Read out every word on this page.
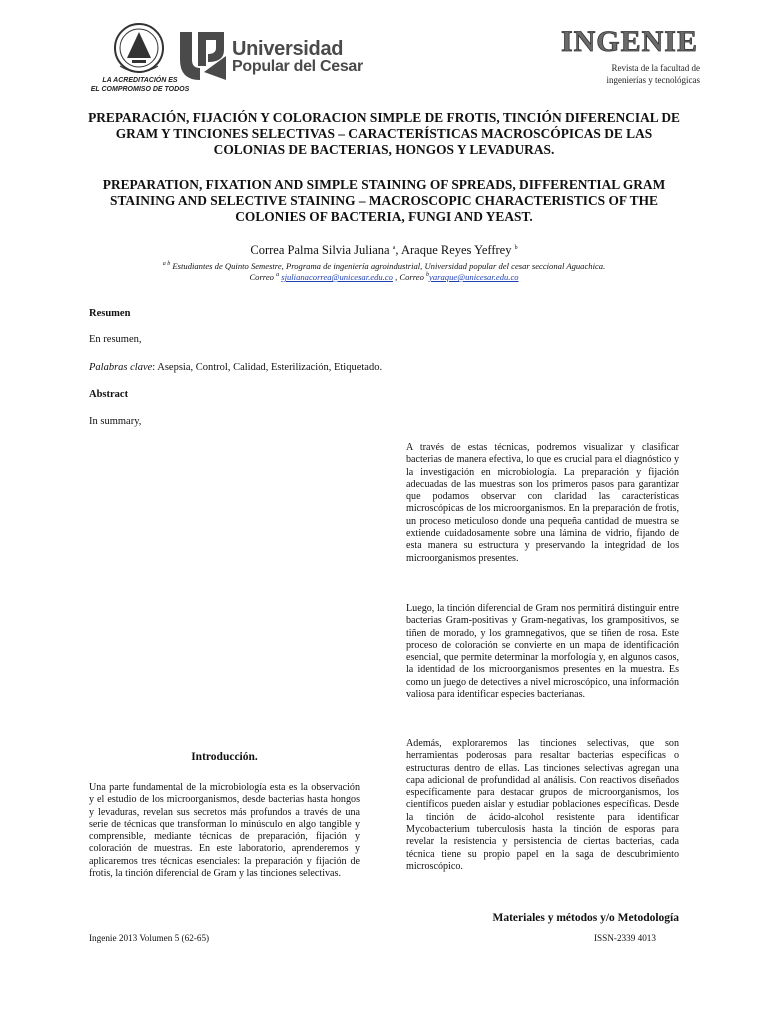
LA ACREDITACIÓN ES
EL COMPROMISO DE TODOS
Universidad
Popular del Cesar
INGENIE
Revista de la facultad de
ingenierías y tecnológicas
PREPARACIÓN, FIJACIÓN Y COLORACION SIMPLE DE FROTIS, TINCIÓN DIFERENCIAL DE GRAM Y TINCIONES SELECTIVAS – CARACTERÍSTICAS MACROSCÓPICAS DE LAS COLONIAS DE BACTERIAS, HONGOS Y LEVADURAS.
PREPARATION, FIXATION AND SIMPLE STAINING OF SPREADS, DIFFERENTIAL GRAM STAINING AND SELECTIVE STAINING – MACROSCOPIC CHARACTERISTICS OF THE COLONIES OF BACTERIA, FUNGI AND YEAST.
Correa Palma Silvia Juliana $^a$, Araque Reyes Yeffrey $^b$
$^{a b}$ Estudiantes de Quinto Semestre, Programa de ingeniería agroindustrial, Universidad popular del cesar seccional Aguachica.
Correo $^a$ sjulianacorrea@unicesar.edu.co , Correo $^b$yaraque@unicesar.edu.co
Resumen
En resumen,
Palabras clave: Asepsia, Control, Calidad, Esterilización, Etiquetado.
Abstract
In summary,
A través de estas técnicas, podremos visualizar y clasificar bacterias de manera efectiva, lo que es crucial para el diagnóstico y la investigación en microbiología. La preparación y fijación adecuadas de las muestras son los primeros pasos para garantizar que podamos observar con claridad las características microscópicas de los microorganismos. En la preparación de frotis, un proceso meticuloso donde una pequeña cantidad de muestra se extiende cuidadosamente sobre una lámina de vidrio, fijando de esta manera su estructura y preservando la integridad de los microorganismos presentes.
Luego, la tinción diferencial de Gram nos permitirá distinguir entre bacterias Gram-positivas y Gram-negativas, los grampositivos, se tiñen de morado, y los gramnegativos, que se tiñen de rosa. Este proceso de coloración se convierte en un mapa de identificación esencial, que permite determinar la morfología y, en algunos casos, la identidad de los microorganismos presentes en la muestra. Es como un juego de detectives a nivel microscópico, una información valiosa para identificar especies bacterianas.
Además, exploraremos las tinciones selectivas, que son herramientas poderosas para resaltar bacterias específicas o estructuras dentro de ellas. Las tinciones selectivas agregan una capa adicional de profundidad al análisis. Con reactivos diseñados específicamente para destacar grupos de microorganismos, los científicos pueden aislar y estudiar poblaciones específicas. Desde la tinción de ácido-alcohol resistente para identificar Mycobacterium tuberculosis hasta la tinción de esporas para revelar la resistencia y persistencia de ciertas bacterias, cada técnica tiene su propio papel en la saga de descubrimiento microscópico.
Materiales y métodos y/o Metodología
Introducción.
Una parte fundamental de la microbiología esta es la observación y el estudio de los microorganismos, desde bacterias hasta hongos y levaduras, revelan sus secretos más profundos a través de una serie de técnicas que transforman lo minúsculo en algo tangible y comprensible, mediante técnicas de preparación, fijación y coloración de muestras. En este laboratorio, aprenderemos y aplicaremos tres técnicas esenciales: la preparación y fijación de frotis, la tinción diferencial de Gram y las tinciones selectivas.
Ingenie 2013 Volumen 5 (62-65)	ISSN-2339 4013
